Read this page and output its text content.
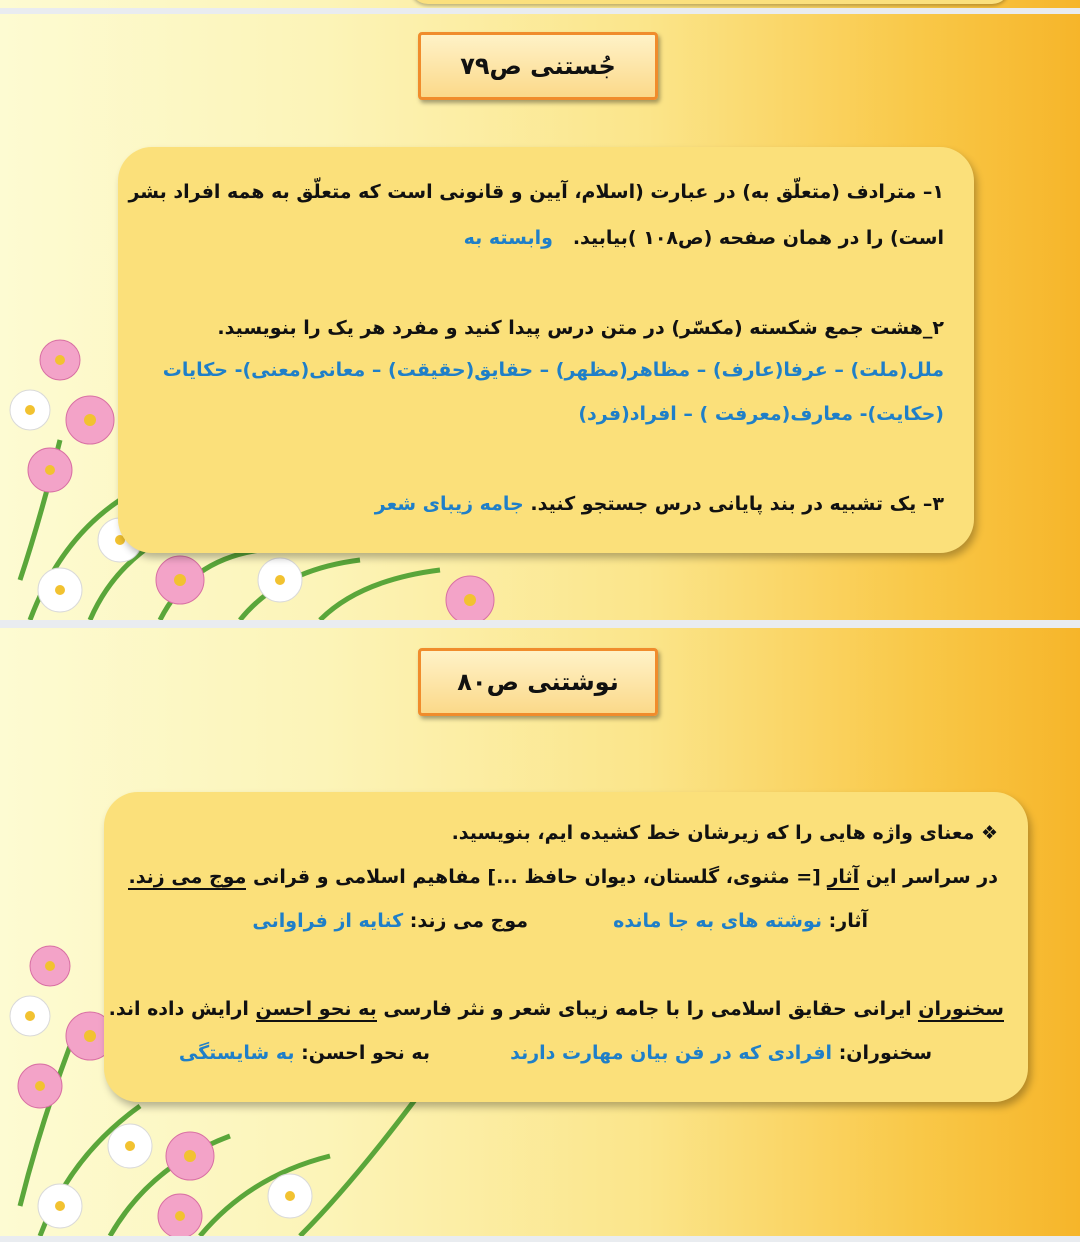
جُستنی ص۷۹
۱– مترادف (متعلّق به) در عبارت (اسلام، آیین و قانونی است که متعلّق به همه افراد بشر
است) را در همان صفحه (ص۱۰۸ )بیابید.   وابسته به
۲_هشت جمع شکسته (مکسّر) در متن درس پیدا کنید و مفرد هر یک را بنویسید.
ملل(ملت) – عرفا(عارف) – مظاهر(مظهر) – حقایق(حقیقت) – معانی(معنی)- حکایات
(حکایت)- معارف(معرفت ) – افراد(فرد)
۳– یک تشبیه در بند پایانی درس جستجو کنید. جامه زیبای شعر
نوشتنی ص۸۰
❖ معنای واژه هایی را که زیرشان خط کشیده ایم، بنویسید.
در سراسر این آثار [= مثنوی، گلستان، دیوان حافظ ...] مفاهیم اسلامی و قرانی موج می زند.
آثار: نوشته های به جا مانده
موج می زند: کنایه از فراوانی
سخنوران ایرانی حقایق اسلامی را با جامه زیبای شعر و نثر فارسی به نحو احسن ارایش داده اند.
سخنوران: افرادی که در فن بیان مهارت دارند
به نحو احسن: به شایستگی
